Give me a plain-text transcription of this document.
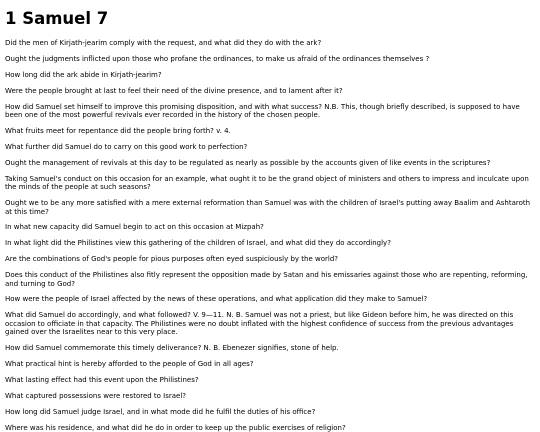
1 Samuel 7

Did the men of Kirjath-jearim comply with the request, and what did they do with the ark?

Ought the judgments inflicted upon those who profane the ordinances, to make us afraid of the ordinances themselves ?

How long did the ark abide in Kirjath-jearim?

Were the people brought at last to feel their need of the divine presence, and to lament after it?

How did Samuel set himself to improve this promising disposition, and with what success? N.B. This, though briefly described, is supposed to have been one of the most powerful revivals ever recorded in the history of the chosen people.

What fruits meet for repentance did the people bring forth? v. 4.

What further did Samuel do to carry on this good work to perfection?

Ought the management of revivals at this day to be regulated as nearly as possible by the accounts given of like events in the scriptures?

Taking Samuel's conduct on this occasion for an example, what ought it to be the grand object of ministers and others to impress and inculcate upon the minds of the people at such seasons?

Ought we to be any more satisfied with a mere external reformation than Samuel was with the children of Israel's putting away Baalim and Ashtaroth at this time?

In what new capacity did Samuel begin to act on this occasion at Mizpah?

In what light did the Philistines view this gathering of the children of Israel, and what did they do accordingly?

Are the combinations of God's people for pious purposes often eyed suspiciously by the world?

Does this conduct of the Philistines also fitly represent the opposition made by Satan and his emissaries against those who are repenting, reforming, and turning to God?

How were the people of Israel affected by the news of these operations, and what application did they make to Samuel?

What did Samuel do accordingly, and what followed? V. 9—11. N. B. Samuel was not a priest, but like Gideon before him, he was directed on this occasion to officiate in that capacity. The Philistines were no doubt inflated with the highest confidence of success from the previous advantages gained over the Israelites near to this very place.

How did Samuel commemorate this timely deliverance? N. B. Ebenezer signifies, stone of help.

What practical hint is hereby afforded to the people of God in all ages?

What lasting effect had this event upon the Philistines?

What captured possessions were restored to Israel?

How long did Samuel judge Israel, and in what mode did he fulfil the duties of his office?

Where was his residence, and what did he do in order to keep up the public exercises of religion?
